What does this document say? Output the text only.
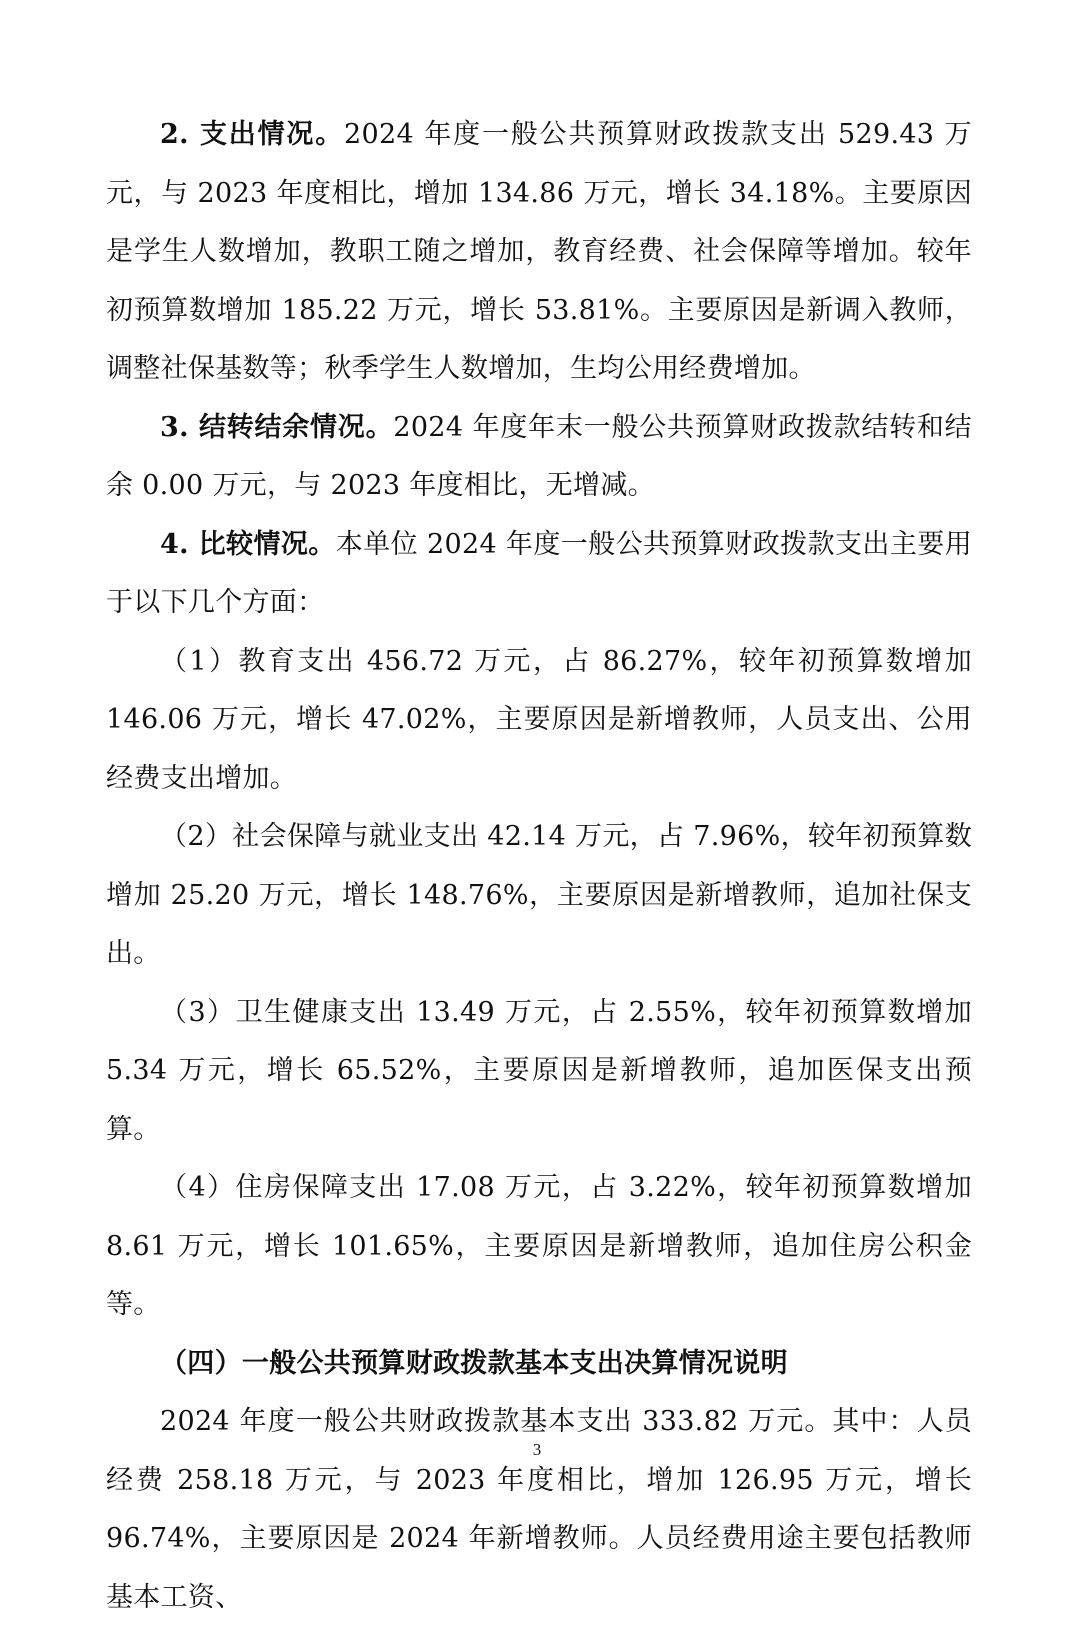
2. 支出情况。2024 年度一般公共预算财政拨款支出 529.43 万元，与 2023 年度相比，增加 134.86 万元，增长 34.18%。主要原因是学生人数增加，教职工随之增加，教育经费、社会保障等增加。较年初预算数增加 185.22 万元，增长 53.81%。主要原因是新调入教师，调整社保基数等；秋季学生人数增加，生均公用经费增加。

3. 结转结余情况。2024 年度年末一般公共预算财政拨款结转和结余 0.00 万元，与 2023 年度相比，无增减。

4. 比较情况。本单位 2024 年度一般公共预算财政拨款支出主要用于以下几个方面：

（1）教育支出 456.72 万元，占 86.27%，较年初预算数增加 146.06 万元，增长 47.02%，主要原因是新增教师，人员支出、公用经费支出增加。

（2）社会保障与就业支出 42.14 万元，占 7.96%，较年初预算数增加 25.20 万元，增长 148.76%，主要原因是新增教师，追加社保支出。

（3）卫生健康支出 13.49 万元，占 2.55%，较年初预算数增加 5.34 万元，增长 65.52%，主要原因是新增教师，追加医保支出预算。

（4）住房保障支出 17.08 万元，占 3.22%，较年初预算数增加 8.61 万元，增长 101.65%，主要原因是新增教师，追加住房公积金等。

（四）一般公共预算财政拨款基本支出决算情况说明

2024 年度一般公共财政拨款基本支出 333.82 万元。其中：人员经费 258.18 万元，与 2023 年度相比，增加 126.95 万元，增长 96.74%，主要原因是 2024 年新增教师。人员经费用途主要包括教师基本工资、

3
